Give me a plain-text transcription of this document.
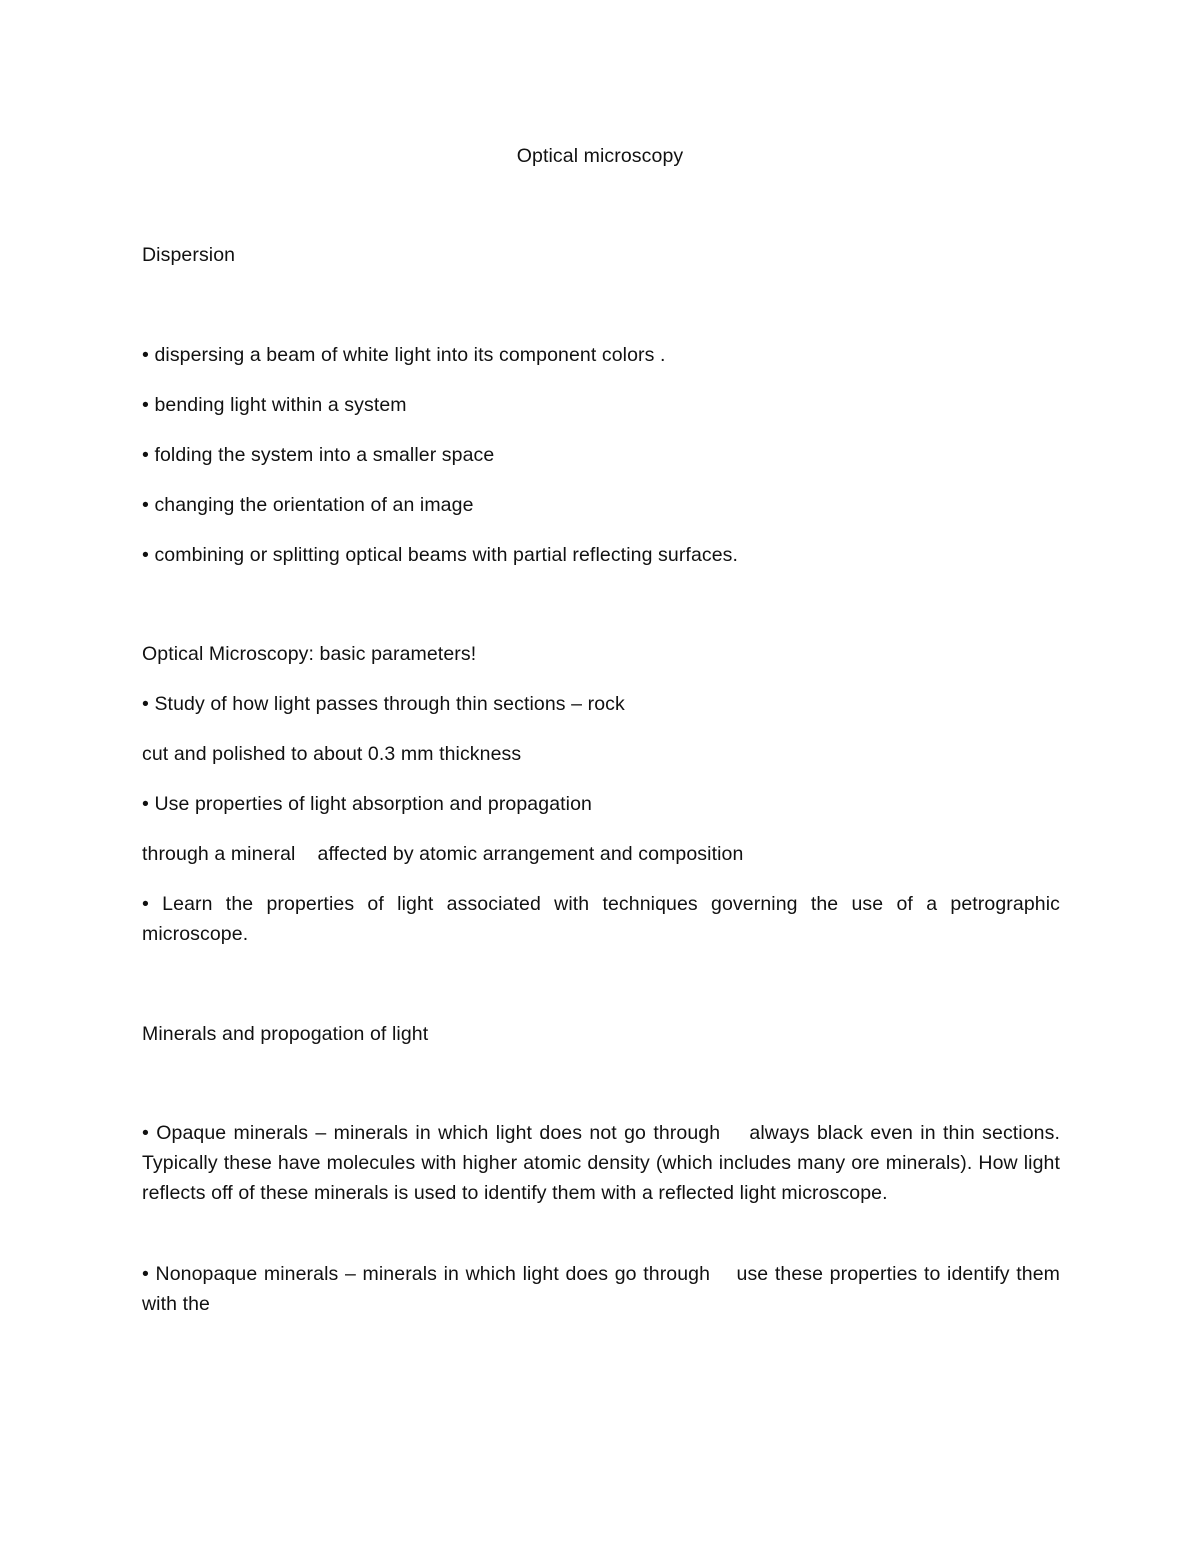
Optical microscopy
Dispersion
• dispersing a beam of white light into its component colors .
• bending light within a system
• folding the system into a smaller space
• changing the orientation of an image
• combining or splitting optical beams with partial reflecting surfaces.
Optical Microscopy: basic parameters!
• Study of how light passes through thin sections – rock
cut and polished to about 0.3 mm thickness
• Use properties of light absorption and propagation
through a mineral    affected by atomic arrangement and composition
• Learn the properties of light associated with techniques governing the use of a petrographic microscope.
Minerals and propogation of light
• Opaque minerals – minerals in which light does not go through    always black even in thin sections. Typically these have molecules with higher atomic density (which includes many ore minerals). How light reflects off of these minerals is used to identify them with a reflected light microscope.
• Nonopaque minerals – minerals in which light does go through    use these properties to identify them with the
